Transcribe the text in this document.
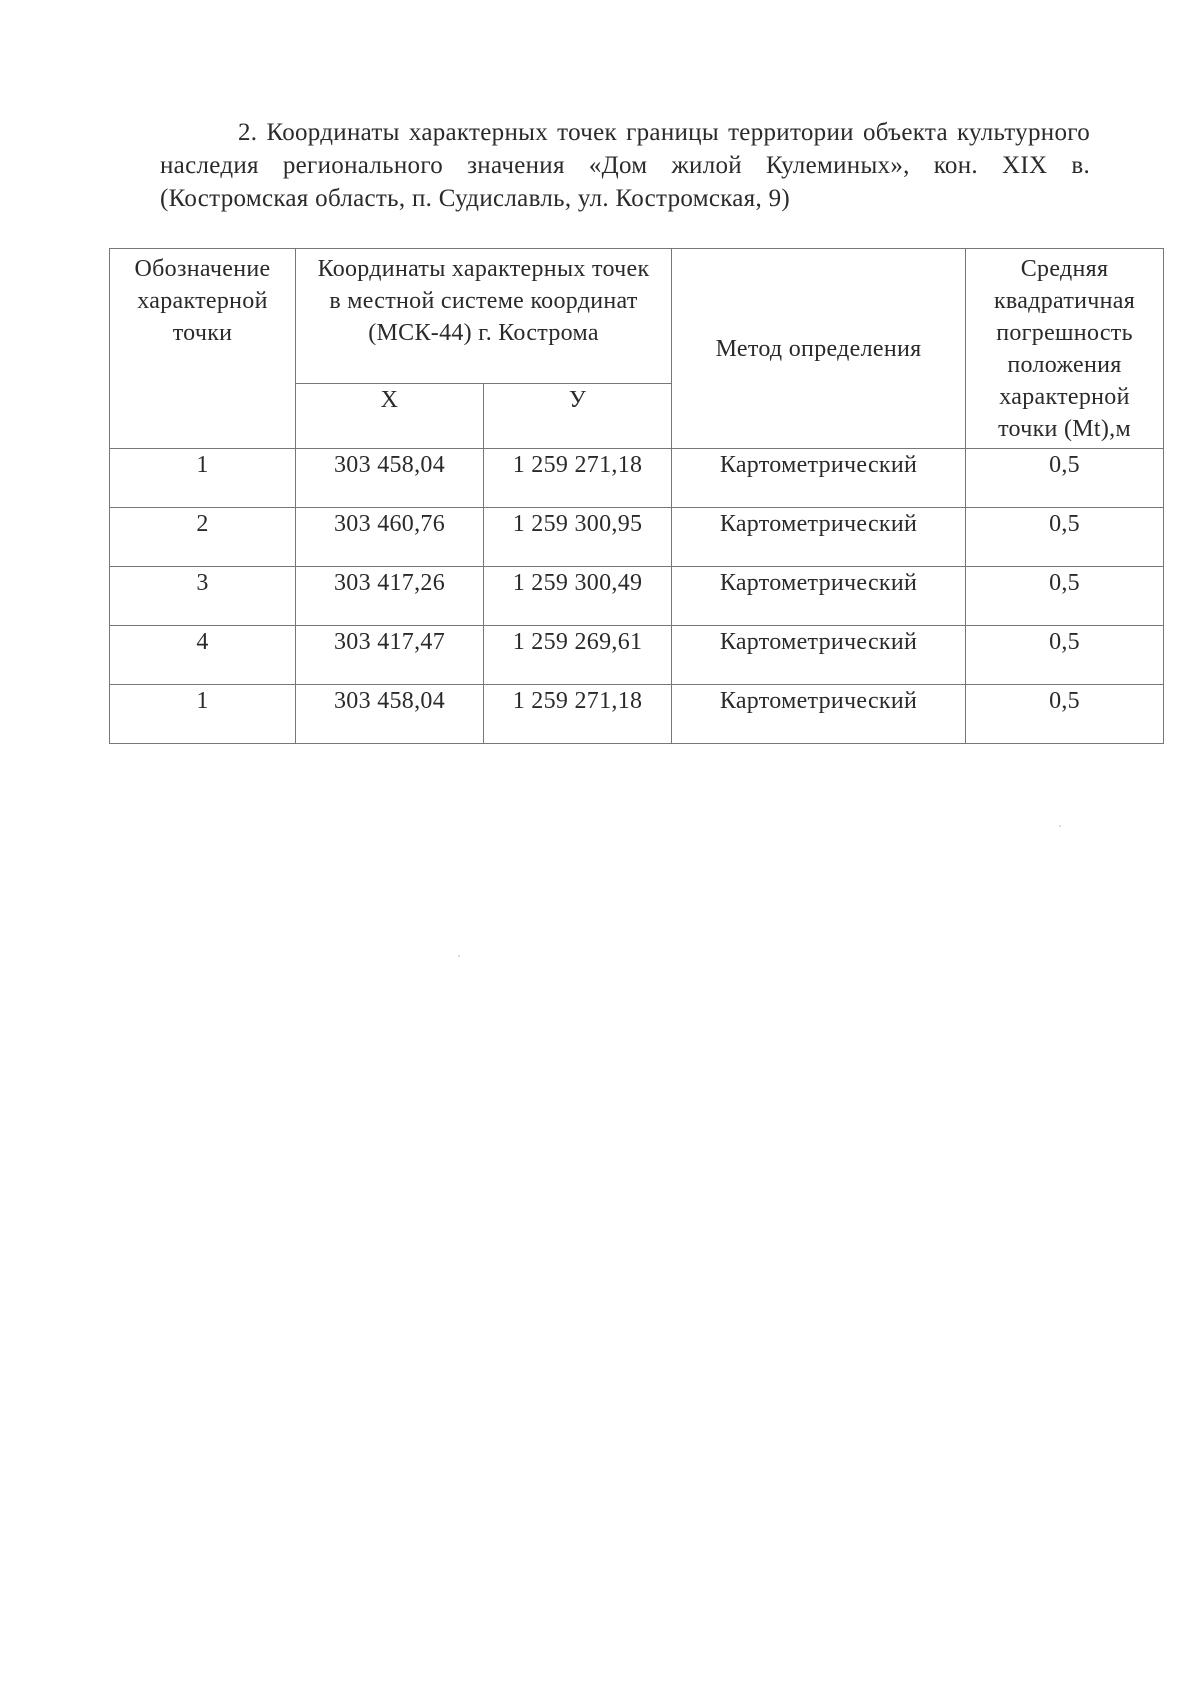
2. Координаты характерных точек границы территории объекта культурного наследия регионального значения «Дом жилой Кулеминых», кон. XIX в. (Костромская область, п. Судиславль, ул. Костромская, 9)

Обозначение характерной точки	Координаты характерных точек в местной системе координат (МСК-44) г. Кострома		Метод определения	Средняя квадратичная погрешность положения характерной точки (Mt),м
	Х	У		
1	303 458,04	1 259 271,18	Картометрический	0,5
2	303 460,76	1 259 300,95	Картометрический	0,5
3	303 417,26	1 259 300,49	Картометрический	0,5
4	303 417,47	1 259 269,61	Картометрический	0,5
1	303 458,04	1 259 271,18	Картометрический	0,5
